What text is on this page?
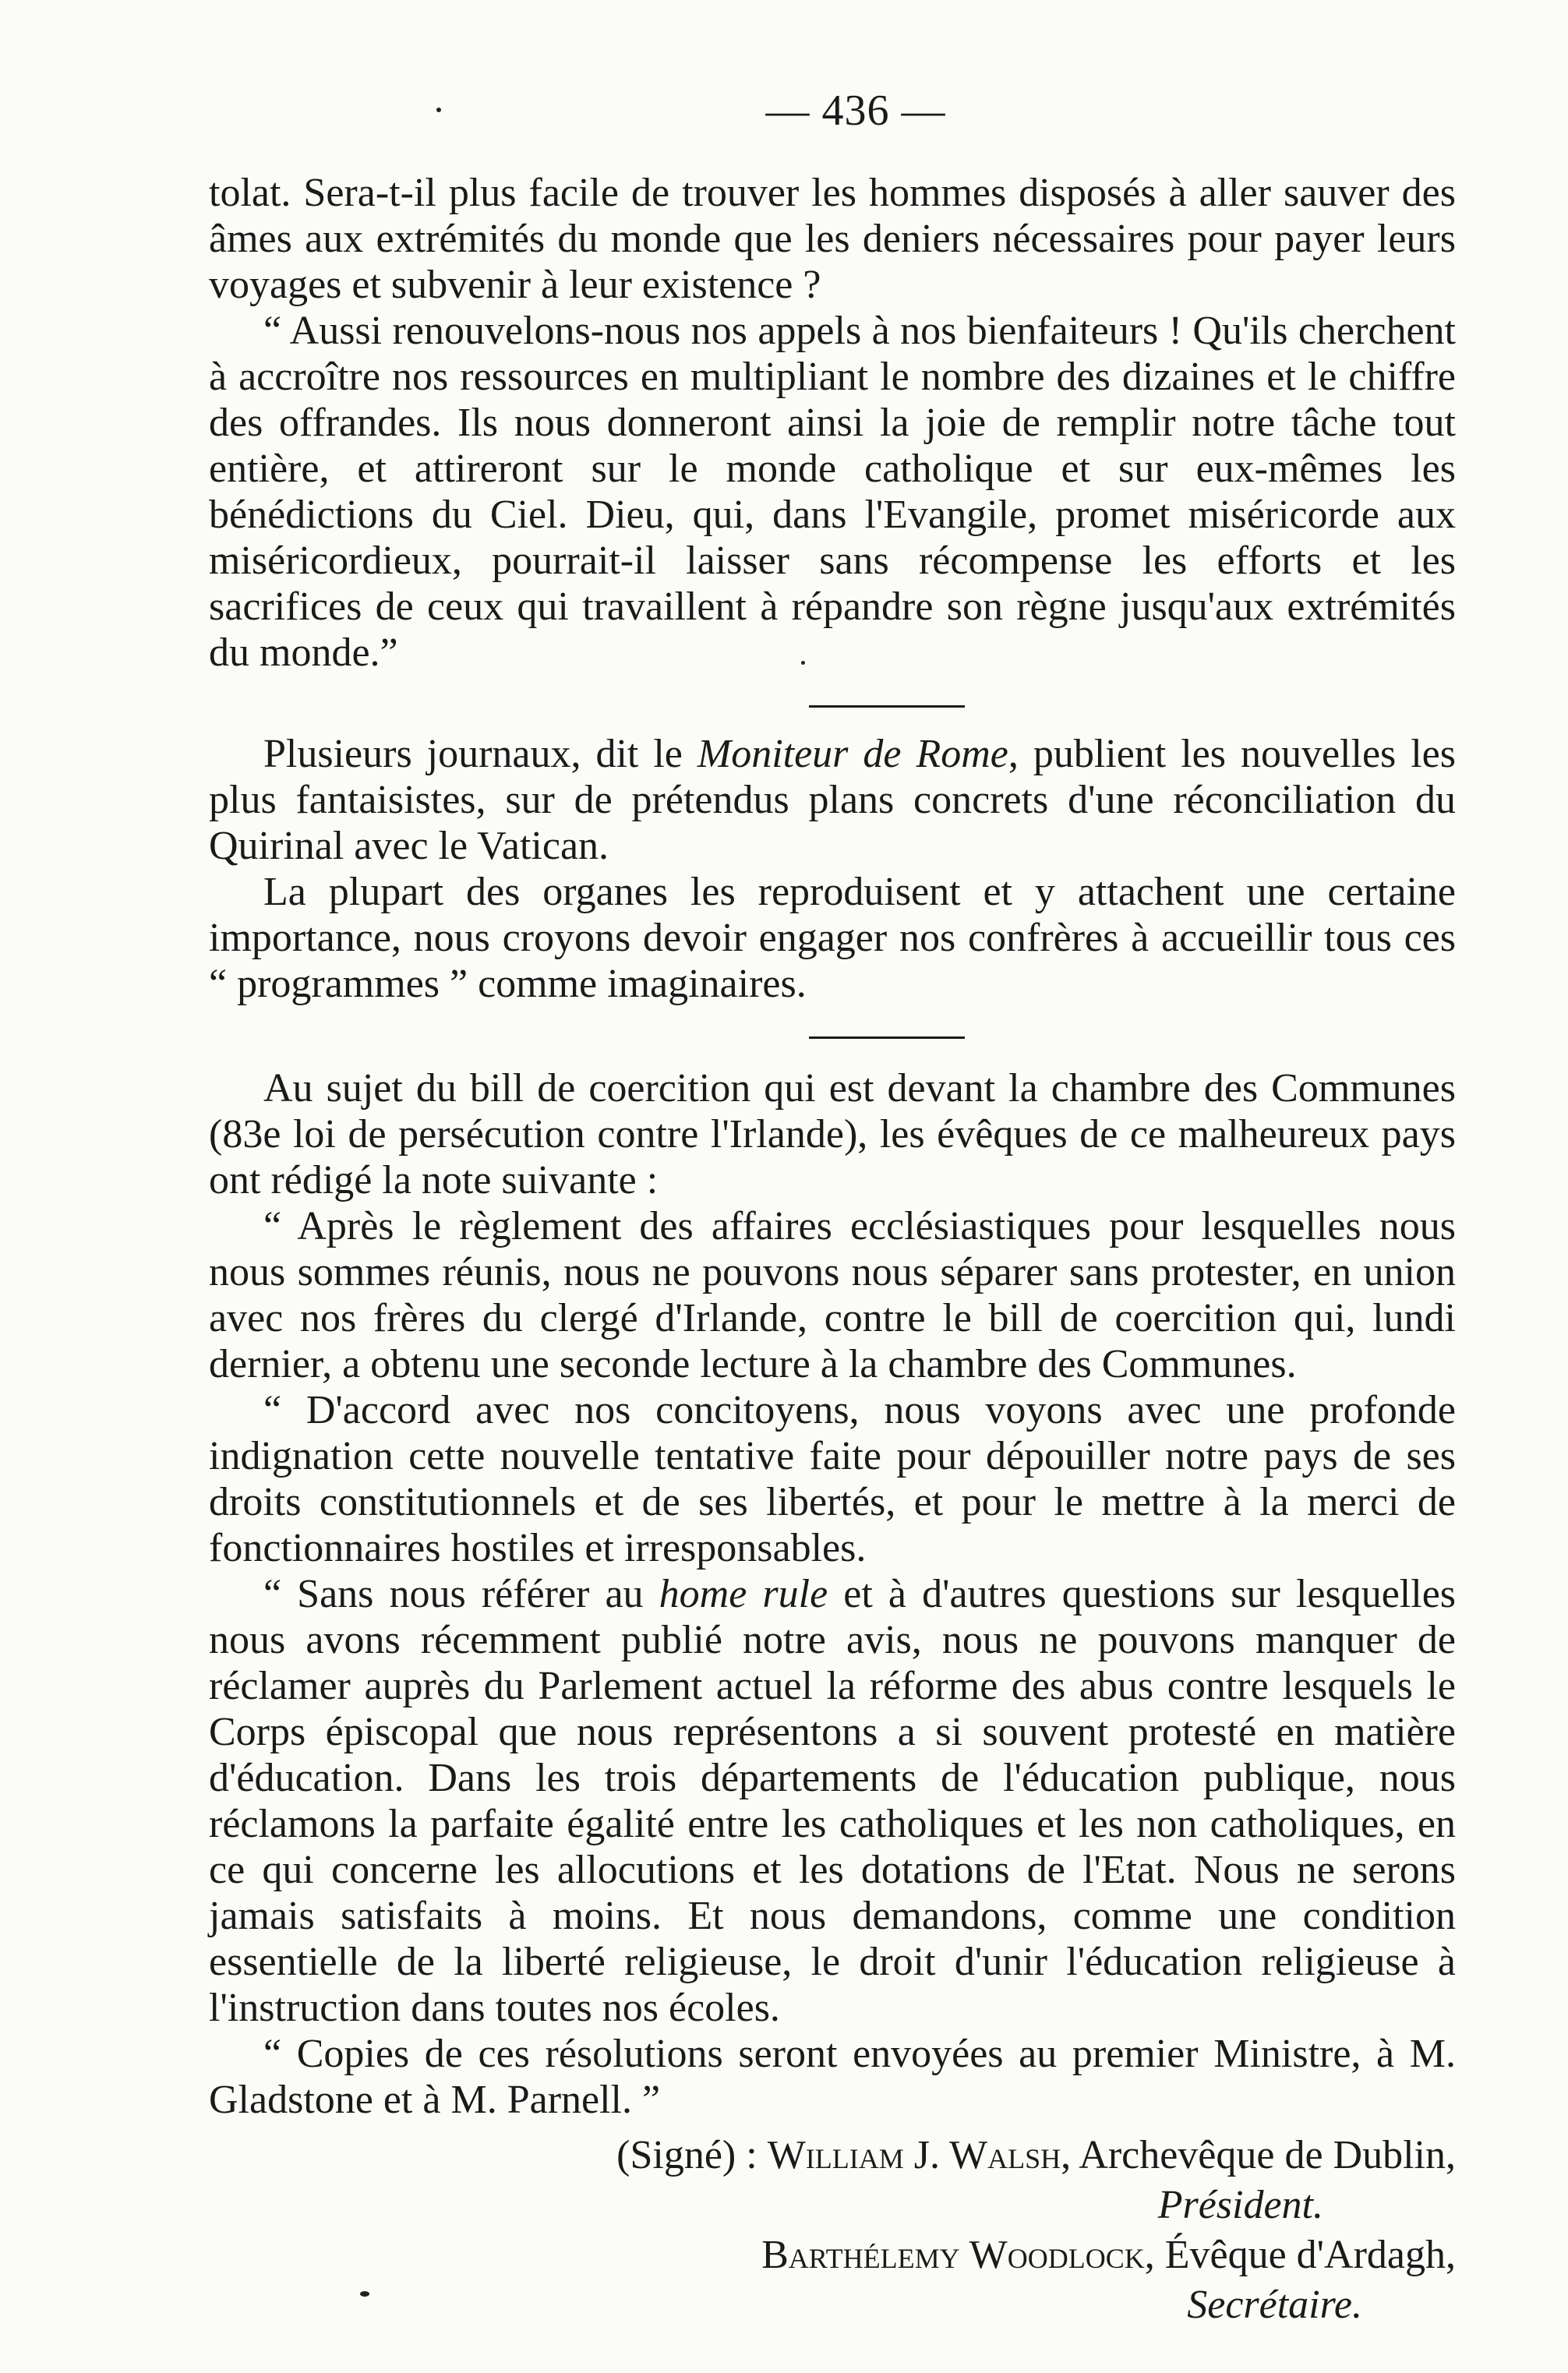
— 436 —

tolat. Sera-t-il plus facile de trouver les hommes disposés à aller sauver des âmes aux extrémités du monde que les deniers nécessaires pour payer leurs voyages et subvenir à leur existence ?

“ Aussi renouvelons-nous nos appels à nos bienfaiteurs ! Qu'ils cherchent à accroître nos ressources en multipliant le nombre des dizaines et le chiffre des offrandes. Ils nous donneront ainsi la joie de remplir notre tâche tout entière, et attireront sur le monde catholique et sur eux-mêmes les bénédictions du Ciel. Dieu, qui, dans l'Evangile, promet miséricorde aux miséricordieux, pourrait-il laisser sans récompense les efforts et les sacrifices de ceux qui travaillent à répandre son règne jusqu'aux extrémités du monde.”

Plusieurs journaux, dit le Moniteur de Rome, publient les nouvelles les plus fantaisistes, sur de prétendus plans concrets d'une réconciliation du Quirinal avec le Vatican.

La plupart des organes les reproduisent et y attachent une certaine importance, nous croyons devoir engager nos confrères à accueillir tous ces “ programmes ” comme imaginaires.

Au sujet du bill de coercition qui est devant la chambre des Communes (83e loi de persécution contre l'Irlande), les évêques de ce malheureux pays ont rédigé la note suivante :

“ Après le règlement des affaires ecclésiastiques pour lesquelles nous nous sommes réunis, nous ne pouvons nous séparer sans protester, en union avec nos frères du clergé d'Irlande, contre le bill de coercition qui, lundi dernier, a obtenu une seconde lecture à la chambre des Communes.

“ D'accord avec nos concitoyens, nous voyons avec une profonde indignation cette nouvelle tentative faite pour dépouiller notre pays de ses droits constitutionnels et de ses libertés, et pour le mettre à la merci de fonctionnaires hostiles et irresponsables.

“ Sans nous référer au home rule et à d'autres questions sur lesquelles nous avons récemment publié notre avis, nous ne pouvons manquer de réclamer auprès du Parlement actuel la réforme des abus contre lesquels le Corps épiscopal que nous représentons a si souvent protesté en matière d'éducation. Dans les trois départements de l'éducation publique, nous réclamons la parfaite égalité entre les catholiques et les non catholiques, en ce qui concerne les allocutions et les dotations de l'Etat. Nous ne serons jamais satisfaits à moins. Et nous demandons, comme une condition essentielle de la liberté religieuse, le droit d'unir l'éducation religieuse à l'instruction dans toutes nos écoles.

“ Copies de ces résolutions seront envoyées au premier Ministre, à M. Gladstone et à M. Parnell. ”

(Signé) : William J. Walsh, Archevêque de Dublin,
Président.
Barthélemy Woodlock, Évêque d'Ardagh,
Secrétaire.
